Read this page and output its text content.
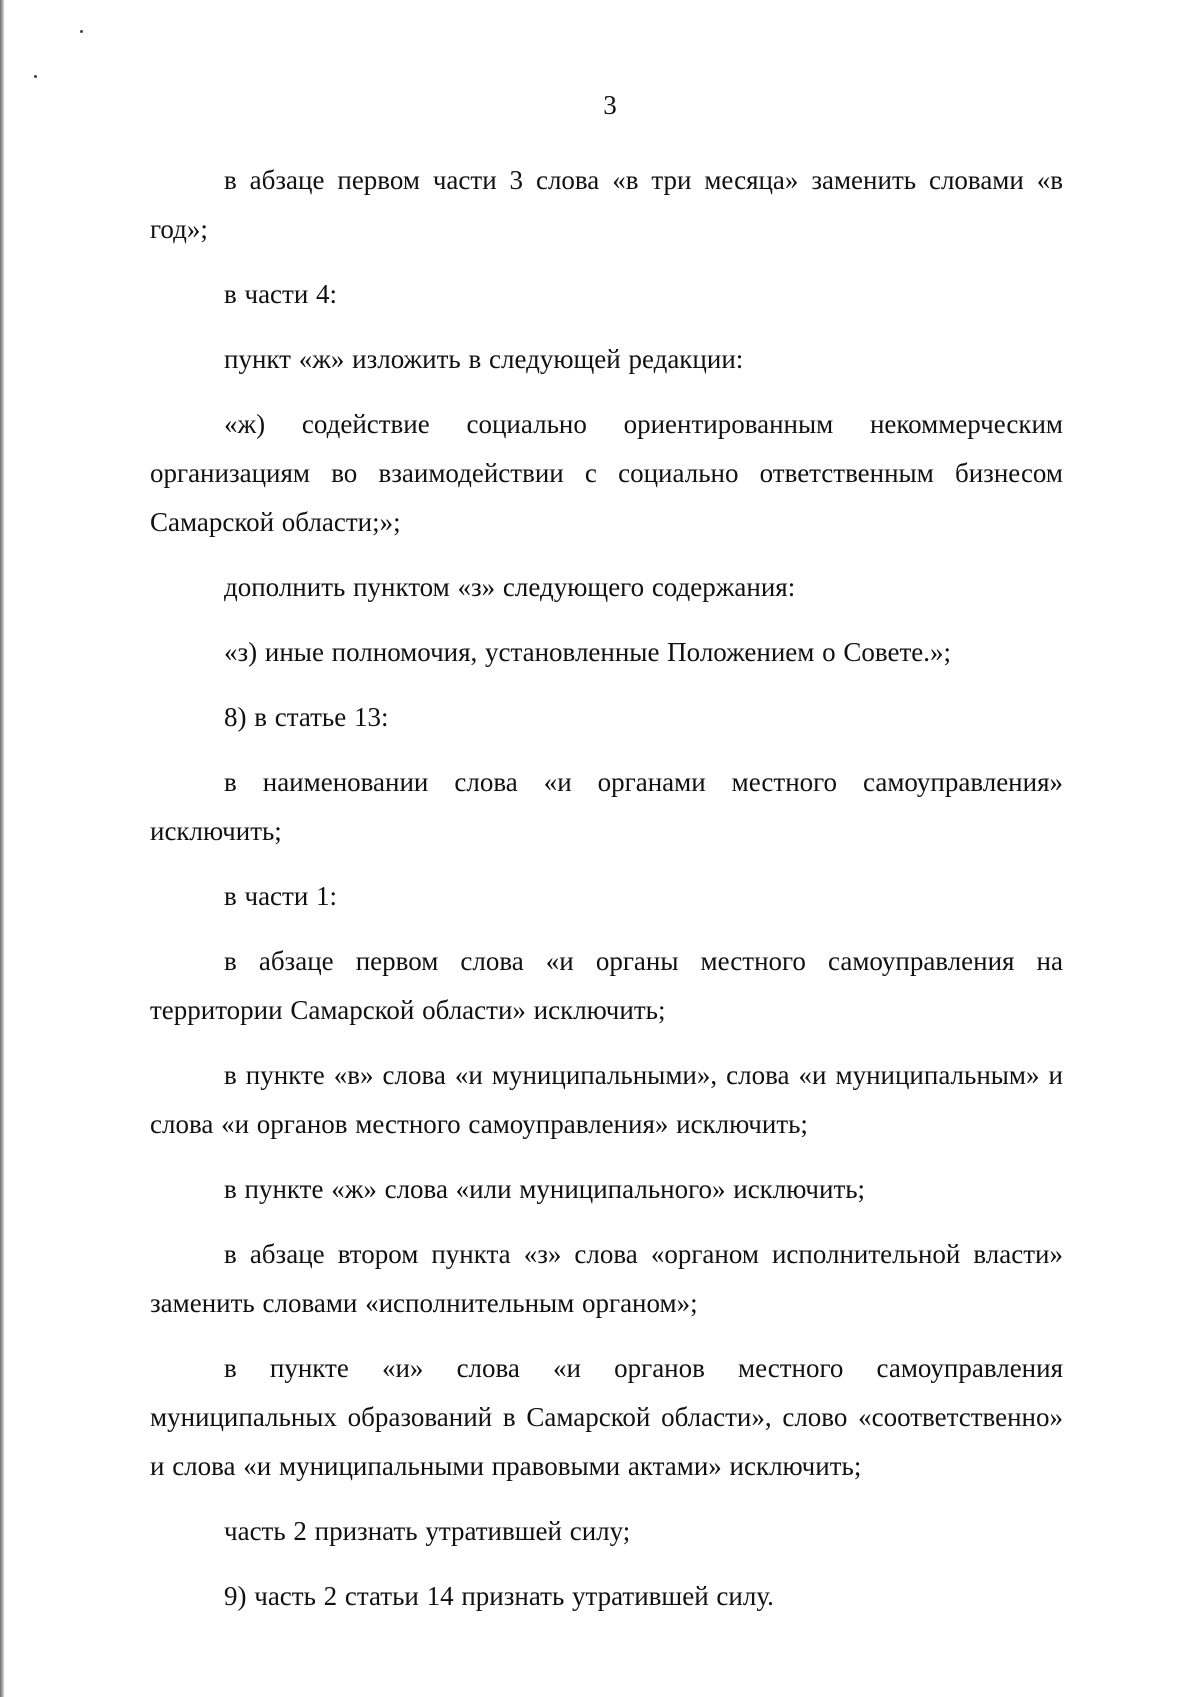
3

в абзаце первом части 3 слова «в три месяца» заменить словами «в год»;

в части 4:

пункт «ж» изложить в следующей редакции:

«ж) содействие социально ориентированным некоммерческим организациям во взаимодействии с социально ответственным бизнесом Самарской области;»;

дополнить пунктом «з» следующего содержания:

«з) иные полномочия, установленные Положением о Совете.»;

8) в статье 13:

в наименовании слова «и органами местного самоуправления» исключить;

в части 1:

в абзаце первом слова «и органы местного самоуправления на территории Самарской области» исключить;

в пункте «в» слова «и муниципальными», слова «и муниципальным» и слова «и органов местного самоуправления» исключить;

в пункте «ж» слова «или муниципального» исключить;

в абзаце втором пункта «з» слова «органом исполнительной власти» заменить словами «исполнительным органом»;

в пункте «и» слова «и органов местного самоуправления муниципальных образований в Самарской области», слово «соответственно» и слова «и муниципальными правовыми актами» исключить;

часть 2 признать утратившей силу;

9) часть 2 статьи 14 признать утратившей силу.
